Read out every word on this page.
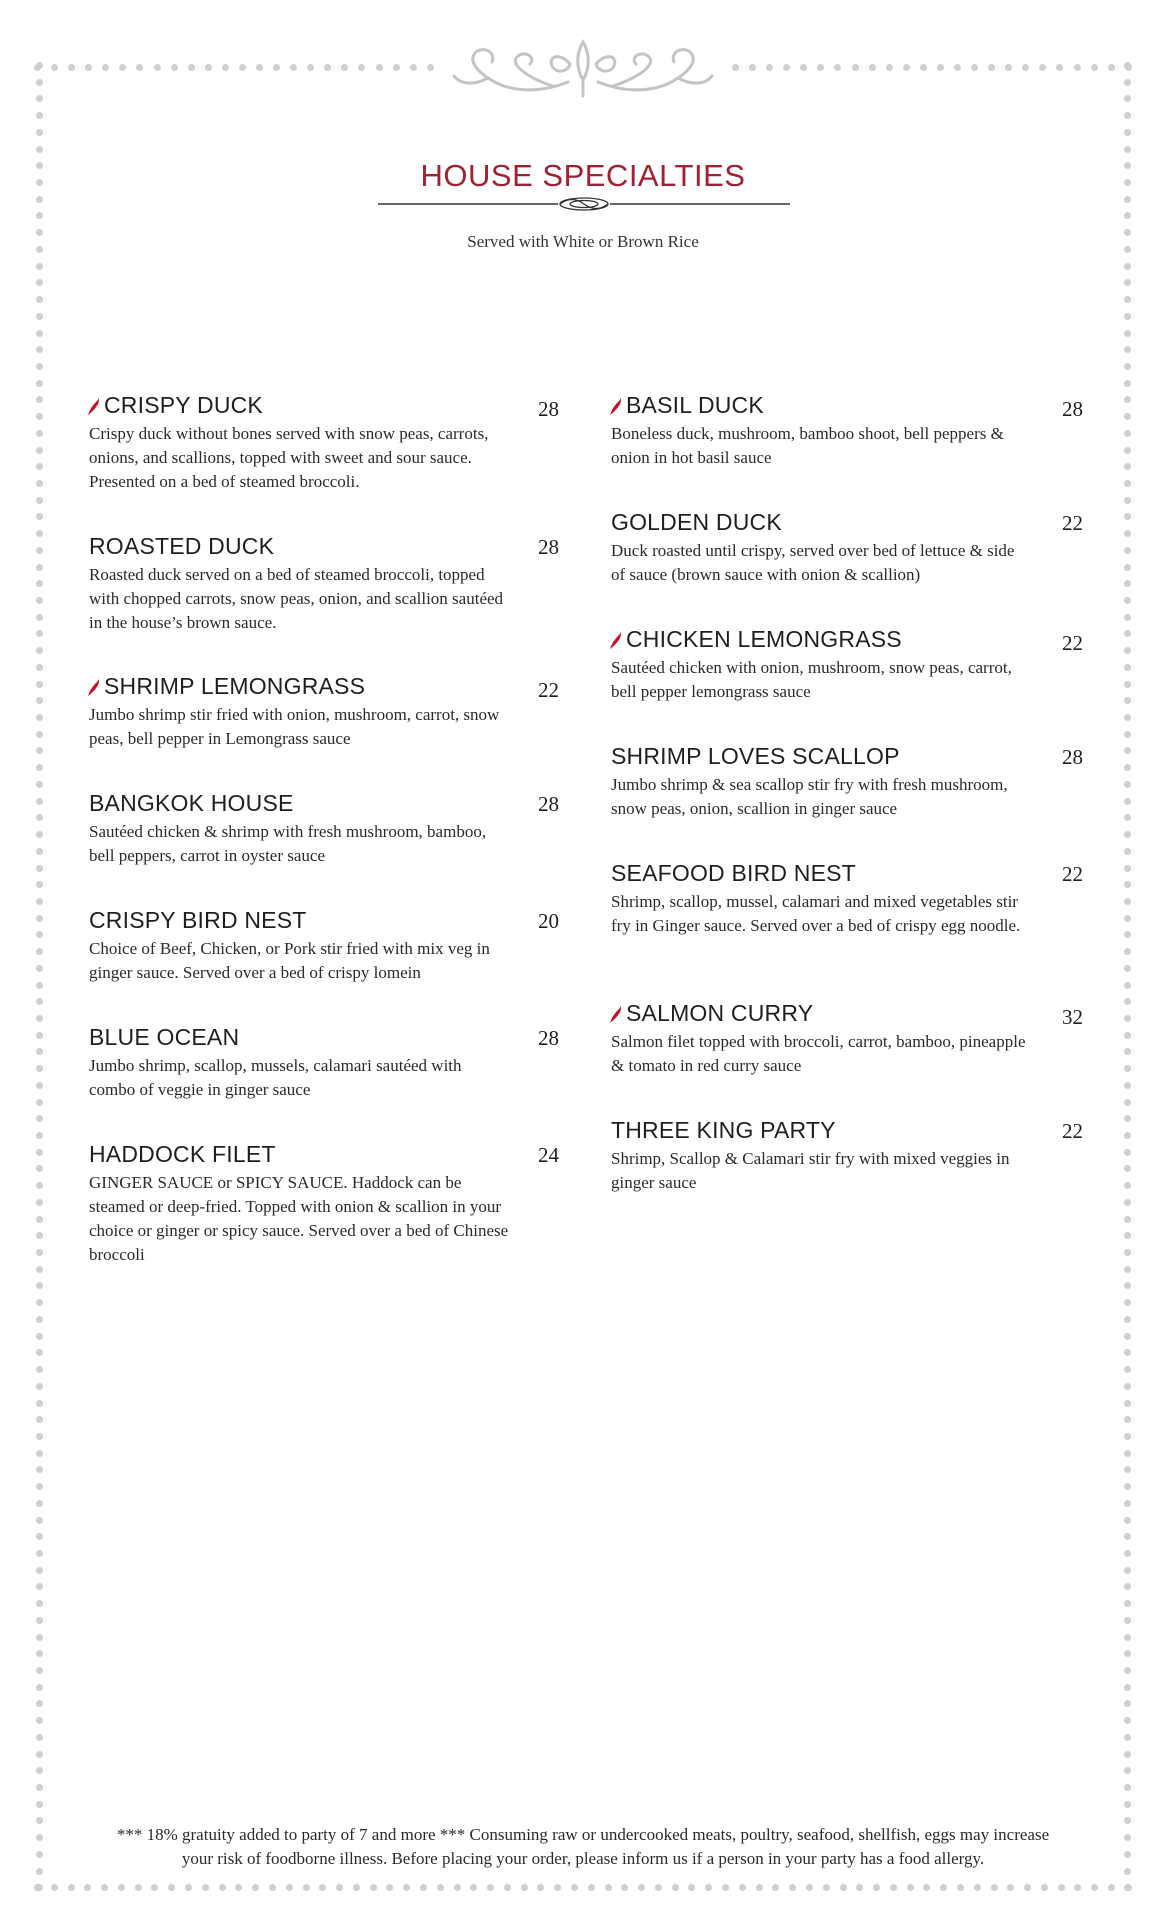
HOUSE SPECIALTIES
Served with White or Brown Rice
CRISPY DUCK	28
Crispy duck without bones served with snow peas, carrots, onions, and scallions, topped with sweet and sour sauce. Presented on a bed of steamed broccoli.
ROASTED DUCK	28
Roasted duck served on a bed of steamed broccoli, topped with chopped carrots, snow peas, onion, and scallion sautéed in the house’s brown sauce.
SHRIMP LEMONGRASS	22
Jumbo shrimp stir fried with onion, mushroom, carrot, snow peas, bell pepper in Lemongrass sauce
BANGKOK HOUSE	28
Sautéed chicken & shrimp with fresh mushroom, bamboo, bell peppers, carrot in oyster sauce
CRISPY BIRD NEST	20
Choice of Beef, Chicken, or Pork stir fried with mix veg in ginger sauce. Served over a bed of crispy lomein
BLUE OCEAN	28
Jumbo shrimp, scallop, mussels, calamari sautéed with combo of veggie in ginger sauce
HADDOCK FILET	24
GINGER SAUCE or SPICY SAUCE. Haddock can be steamed or deep-fried. Topped with onion & scallion in your choice or ginger or spicy sauce. Served over a bed of Chinese broccoli
BASIL DUCK	28
Boneless duck, mushroom, bamboo shoot, bell peppers & onion in hot basil sauce
GOLDEN DUCK	22
Duck roasted until crispy, served over bed of lettuce & side of sauce (brown sauce with onion & scallion)
CHICKEN LEMONGRASS	22
Sautéed chicken with onion, mushroom, snow peas, carrot, bell pepper lemongrass sauce
SHRIMP LOVES SCALLOP	28
Jumbo shrimp & sea scallop stir fry with fresh mushroom, snow peas, onion, scallion in ginger sauce
SEAFOOD BIRD NEST	22
Shrimp, scallop, mussel, calamari and mixed vegetables stir fry in Ginger sauce. Served over a bed of crispy egg noodle.
SALMON CURRY	32
Salmon filet topped with broccoli, carrot, bamboo, pineapple & tomato in red curry sauce
THREE KING PARTY	22
Shrimp, Scallop & Calamari stir fry with mixed veggies in ginger sauce
*** 18% gratuity added to party of 7 and more *** Consuming raw or undercooked meats, poultry, seafood, shellfish, eggs may increase your risk of foodborne illness. Before placing your order, please inform us if a person in your party has a food allergy.
